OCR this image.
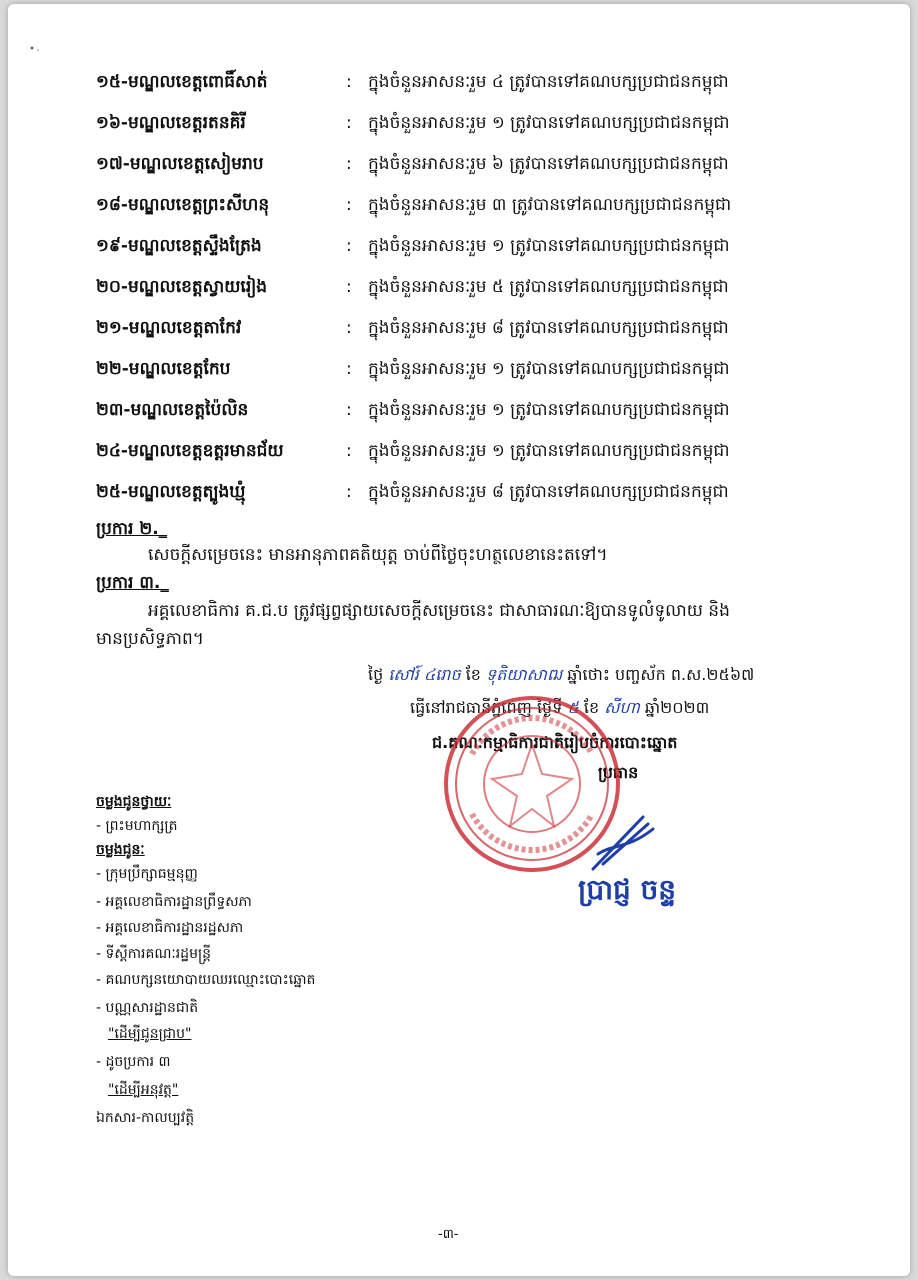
១៥-មណ្ឌលខេត្តពោធិ៍សាត់	: ក្នុងចំនួនអាសនៈរួម ៤ ត្រូវបានទៅគណបក្សប្រជាជនកម្ពុជា
១៦-មណ្ឌលខេត្តរតនគិរី	: ក្នុងចំនួនអាសនៈរួម ១ ត្រូវបានទៅគណបក្សប្រជាជនកម្ពុជា
១៧-មណ្ឌលខេត្តសៀមរាប	: ក្នុងចំនួនអាសនៈរួម ៦ ត្រូវបានទៅគណបក្សប្រជាជនកម្ពុជា
១៨-មណ្ឌលខេត្តព្រះសីហនុ	: ក្នុងចំនួនអាសនៈរួម ៣ ត្រូវបានទៅគណបក្សប្រជាជនកម្ពុជា
១៩-មណ្ឌលខេត្តស្ទឹងត្រែង	: ក្នុងចំនួនអាសនៈរួម ១ ត្រូវបានទៅគណបក្សប្រជាជនកម្ពុជា
២០-មណ្ឌលខេត្តស្វាយរៀង	: ក្នុងចំនួនអាសនៈរួម ៥ ត្រូវបានទៅគណបក្សប្រជាជនកម្ពុជា
២១-មណ្ឌលខេត្តតាកែវ	: ក្នុងចំនួនអាសនៈរួម ៨ ត្រូវបានទៅគណបក្សប្រជាជនកម្ពុជា
២២-មណ្ឌលខេត្តកែប	: ក្នុងចំនួនអាសនៈរួម ១ ត្រូវបានទៅគណបក្សប្រជាជនកម្ពុជា
២៣-មណ្ឌលខេត្តប៉ៃលិន	: ក្នុងចំនួនអាសនៈរួម ១ ត្រូវបានទៅគណបក្សប្រជាជនកម្ពុជា
២៤-មណ្ឌលខេត្តឧត្តរមានជ័យ	: ក្នុងចំនួនអាសនៈរួម ១ ត្រូវបានទៅគណបក្សប្រជាជនកម្ពុជា
២៥-មណ្ឌលខេត្តត្បូងឃ្មុំ	: ក្នុងចំនួនអាសនៈរួម ៨ ត្រូវបានទៅគណបក្សប្រជាជនកម្ពុជា
ប្រការ ២._
សេចក្តីសម្រេចនេះ មានអានុភាពគតិយុត្ត ចាប់ពីថ្ងៃចុះហត្ថលេខានេះតទៅ។
ប្រការ ៣._
អគ្គលេខាធិការ គ.ជ.ប ត្រូវផ្សព្វផ្សាយសេចក្តីសម្រេចនេះ ជាសាធារណៈឱ្យបានទូលំទូលាយ និង
មានប្រសិទ្ធភាព។
ថ្ងៃ សៅរ៍ ៤រោច ខែ ទុតិយាសាឍ ឆ្នាំថោះ បញ្ចស័ក ព.ស.២៥៦៧
ធ្វើនៅរាជធានីភ្នំពេញ ថ្ងៃទី ៥ ខែ សីហា ឆ្នាំ២០២៣
ជ.គណៈកម្មាធិការជាតិរៀបចំការបោះឆ្នោត
ប្រធាន
ប្រាជ្ញ ចន្ទ
ចម្លងជូនថ្វាយៈ
- ព្រះមហាក្សត្រ
ចម្លងជូនៈ
- ក្រុមប្រឹក្សាធម្មនុញ្ញ
- អគ្គលេខាធិការដ្ឋានព្រឹទ្ធសភា
- អគ្គលេខាធិការដ្ឋានរដ្ឋសភា
- ទីស្តីការគណៈរដ្ឋមន្ត្រី
- គណបក្សនយោបាយឈរឈ្មោះបោះឆ្នោត
- បណ្ណសារដ្ឋានជាតិ
"ដើម្បីជូនជ្រាប"
- ដូចប្រការ ៣
"ដើម្បីអនុវត្ត"
ឯកសារ-កាលប្បវត្តិ
-៣-
